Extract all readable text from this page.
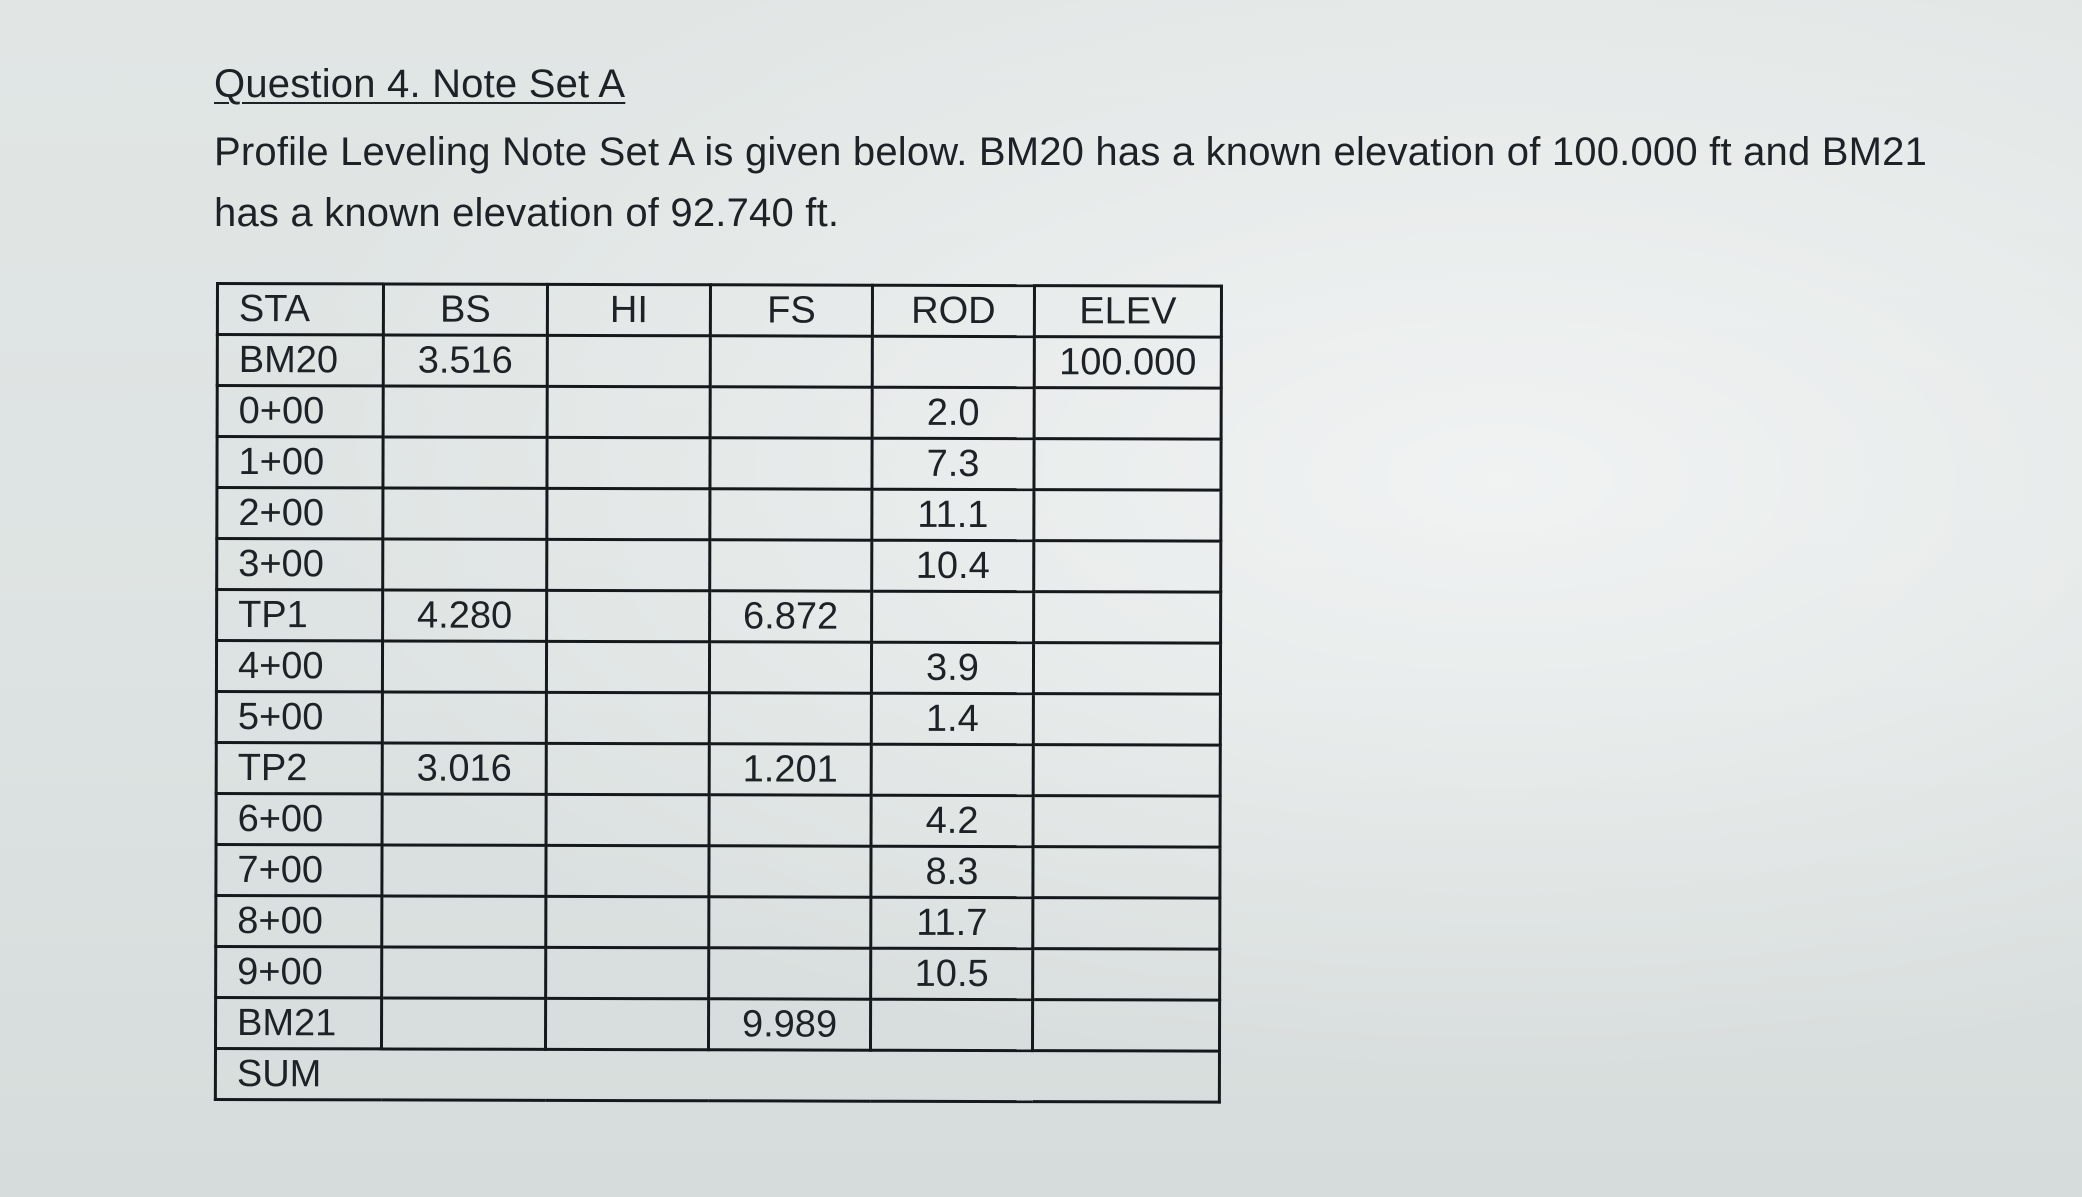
Question 4. Note Set A
Profile Leveling Note Set A is given below. BM20 has a known elevation of 100.000 ft and BM21 has a known elevation of 92.740 ft.
STA	BS	HI	FS	ROD	ELEV
BM20	3.516				100.000
0+00				2.0	
1+00				7.3	
2+00				11.1	
3+00				10.4	
TP1	4.280		6.872		
4+00				3.9	
5+00				1.4	
TP2	3.016		1.201		
6+00				4.2	
7+00				8.3	
8+00				11.7	
9+00				10.5	
BM21			9.989		
SUM					
